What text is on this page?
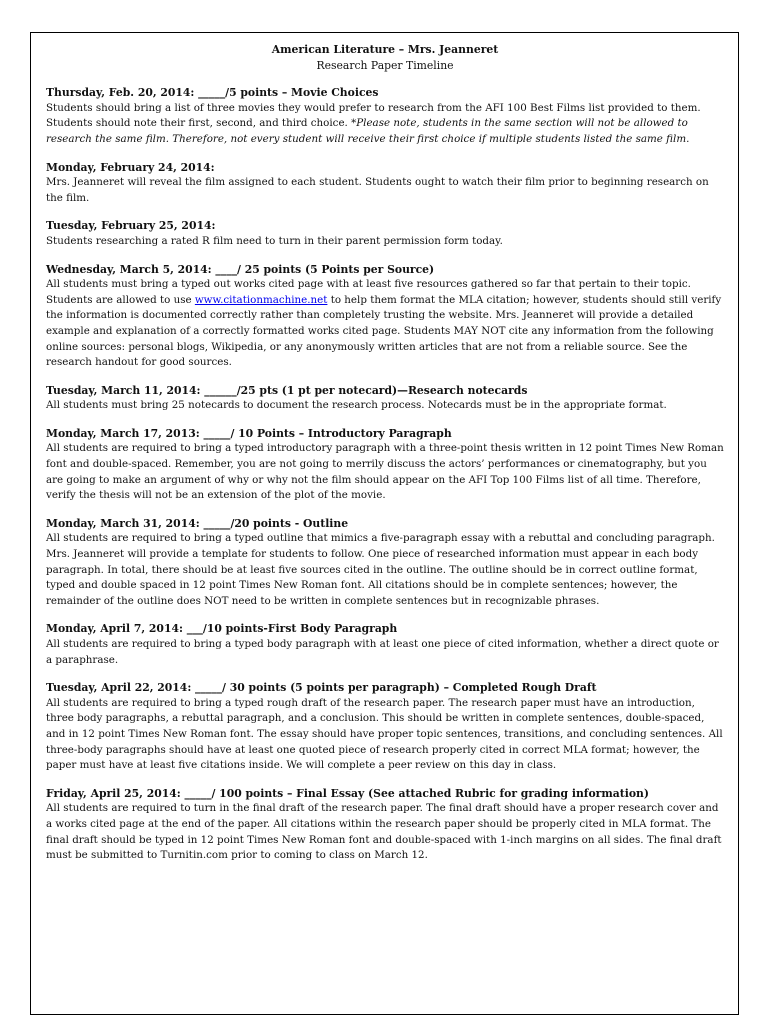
American Literature – Mrs. Jeanneret
Research Paper Timeline
Thursday, Feb. 20, 2014: _____/5 points – Movie Choices
Students should bring a list of three movies they would prefer to research from the AFI 100 Best Films list provided to them. Students should note their first, second, and third choice. *Please note, students in the same section will not be allowed to research the same film. Therefore, not every student will receive their first choice if multiple students listed the same film.
Monday, February 24, 2014:
Mrs. Jeanneret will reveal the film assigned to each student. Students ought to watch their film prior to beginning research on the film.
Tuesday, February 25, 2014:
Students researching a rated R film need to turn in their parent permission form today.
Wednesday, March 5, 2014: ____/ 25 points (5 Points per Source)
All students must bring a typed out works cited page with at least five resources gathered so far that pertain to their topic. Students are allowed to use www.citationmachine.net to help them format the MLA citation; however, students should still verify the information is documented correctly rather than completely trusting the website. Mrs. Jeanneret will provide a detailed example and explanation of a correctly formatted works cited page. Students MAY NOT cite any information from the following online sources: personal blogs, Wikipedia, or any anonymously written articles that are not from a reliable source. See the research handout for good sources.
Tuesday, March 11, 2014: ______/25 pts (1 pt per notecard)—Research notecards
All students must bring 25 notecards to document the research process. Notecards must be in the appropriate format.
Monday, March 17, 2013: _____/ 10 Points – Introductory Paragraph
All students are required to bring a typed introductory paragraph with a three-point thesis written in 12 point Times New Roman font and double-spaced. Remember, you are not going to merrily discuss the actors’ performances or cinematography, but you are going to make an argument of why or why not the film should appear on the AFI Top 100 Films list of all time. Therefore, verify the thesis will not be an extension of the plot of the movie.
Monday, March 31, 2014: _____/20 points - Outline
All students are required to bring a typed outline that mimics a five-paragraph essay with a rebuttal and concluding paragraph. Mrs. Jeanneret will provide a template for students to follow. One piece of researched information must appear in each body paragraph. In total, there should be at least five sources cited in the outline. The outline should be in correct outline format, typed and double spaced in 12 point Times New Roman font. All citations should be in complete sentences; however, the remainder of the outline does NOT need to be written in complete sentences but in recognizable phrases.
Monday, April 7, 2014: ___/10 points-First Body Paragraph
All students are required to bring a typed body paragraph with at least one piece of cited information, whether a direct quote or a paraphrase.
Tuesday, April 22, 2014: _____/ 30 points (5 points per paragraph) – Completed Rough Draft
All students are required to bring a typed rough draft of the research paper. The research paper must have an introduction, three body paragraphs, a rebuttal paragraph, and a conclusion. This should be written in complete sentences, double-spaced, and in 12 point Times New Roman font. The essay should have proper topic sentences, transitions, and concluding sentences. All three-body paragraphs should have at least one quoted piece of research properly cited in correct MLA format; however, the paper must have at least five citations inside. We will complete a peer review on this day in class.
Friday, April 25, 2014: _____/ 100 points – Final Essay (See attached Rubric for grading information)
All students are required to turn in the final draft of the research paper. The final draft should have a proper research cover and a works cited page at the end of the paper. All citations within the research paper should be properly cited in MLA format. The final draft should be typed in 12 point Times New Roman font and double-spaced with 1-inch margins on all sides. The final draft must be submitted to Turnitin.com prior to coming to class on March 12.
